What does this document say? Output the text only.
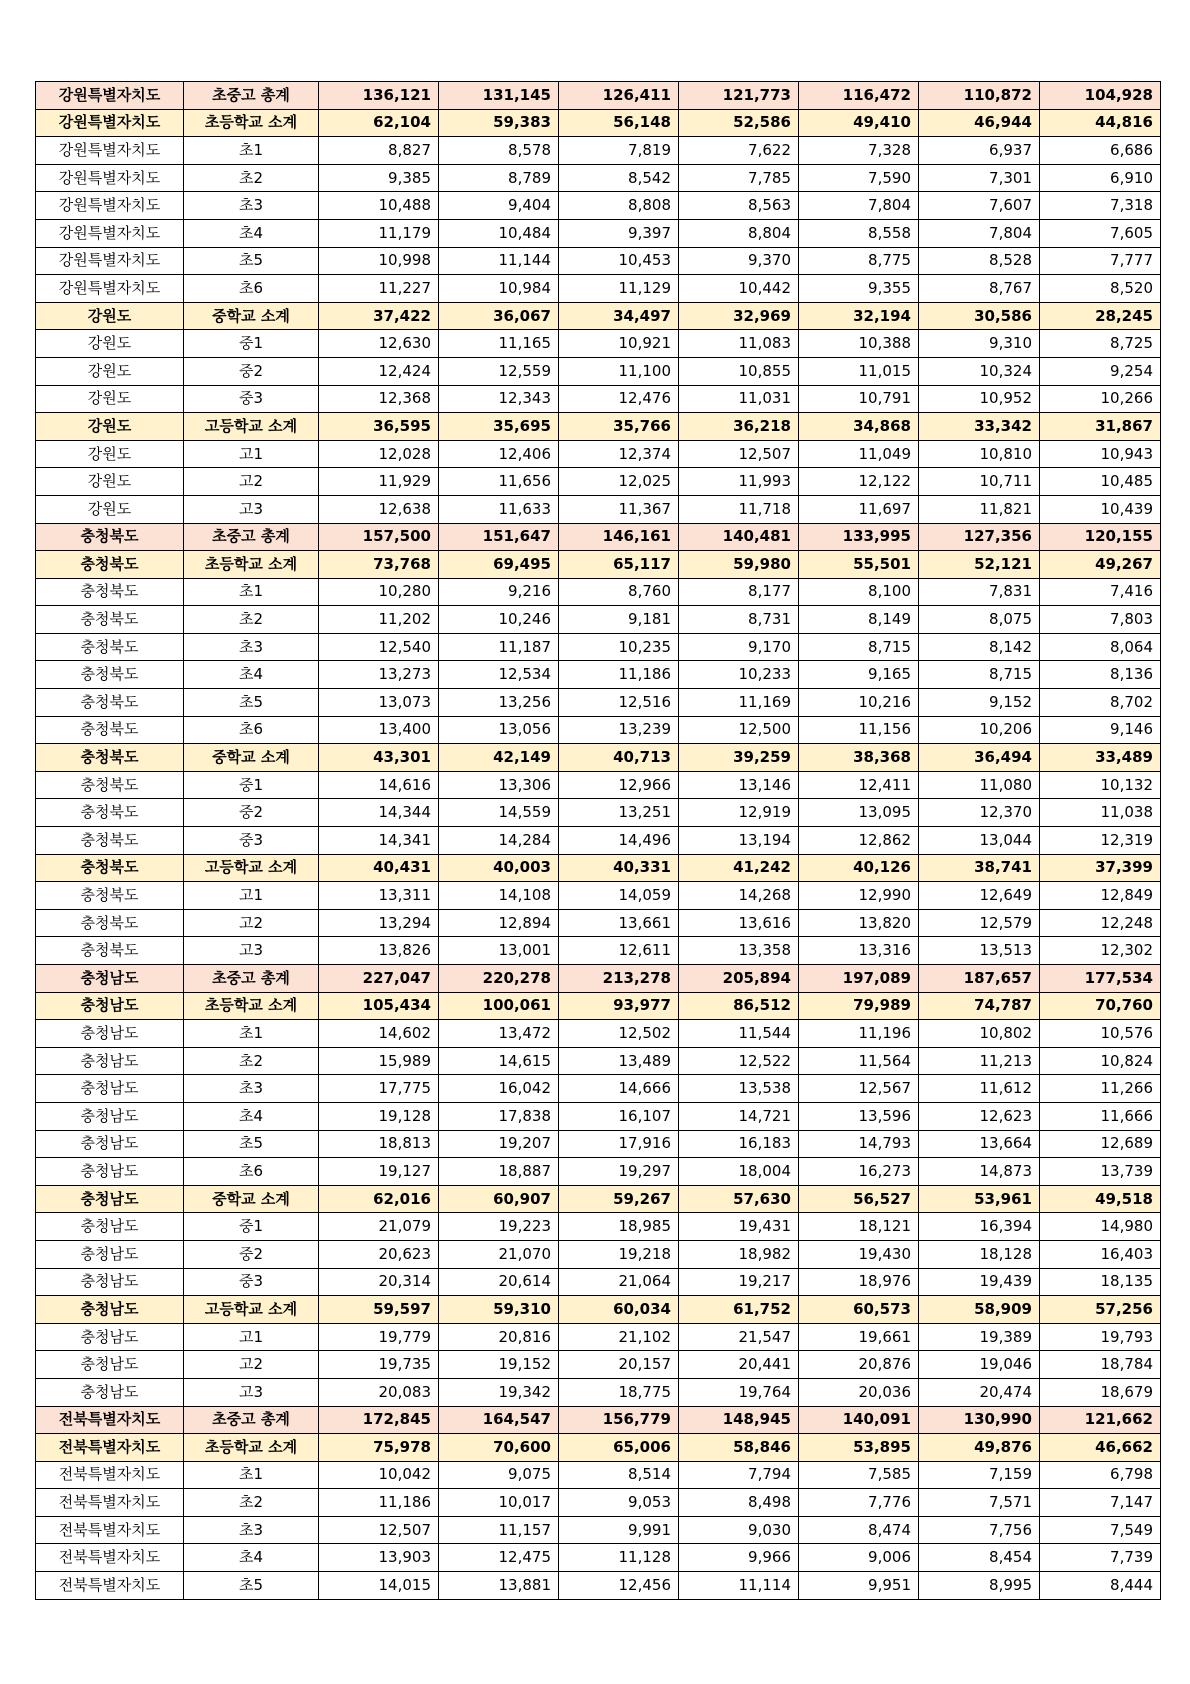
강원특별자치도	초중고 총계	136,121	131,145	126,411	121,773	116,472	110,872	104,928
강원특별자치도	초등학교 소계	62,104	59,383	56,148	52,586	49,410	46,944	44,816
강원특별자치도	초1	8,827	8,578	7,819	7,622	7,328	6,937	6,686
강원특별자치도	초2	9,385	8,789	8,542	7,785	7,590	7,301	6,910
강원특별자치도	초3	10,488	9,404	8,808	8,563	7,804	7,607	7,318
강원특별자치도	초4	11,179	10,484	9,397	8,804	8,558	7,804	7,605
강원특별자치도	초5	10,998	11,144	10,453	9,370	8,775	8,528	7,777
강원특별자치도	초6	11,227	10,984	11,129	10,442	9,355	8,767	8,520
강원도	중학교 소계	37,422	36,067	34,497	32,969	32,194	30,586	28,245
강원도	중1	12,630	11,165	10,921	11,083	10,388	9,310	8,725
강원도	중2	12,424	12,559	11,100	10,855	11,015	10,324	9,254
강원도	중3	12,368	12,343	12,476	11,031	10,791	10,952	10,266
강원도	고등학교 소계	36,595	35,695	35,766	36,218	34,868	33,342	31,867
강원도	고1	12,028	12,406	12,374	12,507	11,049	10,810	10,943
강원도	고2	11,929	11,656	12,025	11,993	12,122	10,711	10,485
강원도	고3	12,638	11,633	11,367	11,718	11,697	11,821	10,439
충청북도	초중고 총계	157,500	151,647	146,161	140,481	133,995	127,356	120,155
충청북도	초등학교 소계	73,768	69,495	65,117	59,980	55,501	52,121	49,267
충청북도	초1	10,280	9,216	8,760	8,177	8,100	7,831	7,416
충청북도	초2	11,202	10,246	9,181	8,731	8,149	8,075	7,803
충청북도	초3	12,540	11,187	10,235	9,170	8,715	8,142	8,064
충청북도	초4	13,273	12,534	11,186	10,233	9,165	8,715	8,136
충청북도	초5	13,073	13,256	12,516	11,169	10,216	9,152	8,702
충청북도	초6	13,400	13,056	13,239	12,500	11,156	10,206	9,146
충청북도	중학교 소계	43,301	42,149	40,713	39,259	38,368	36,494	33,489
충청북도	중1	14,616	13,306	12,966	13,146	12,411	11,080	10,132
충청북도	중2	14,344	14,559	13,251	12,919	13,095	12,370	11,038
충청북도	중3	14,341	14,284	14,496	13,194	12,862	13,044	12,319
충청북도	고등학교 소계	40,431	40,003	40,331	41,242	40,126	38,741	37,399
충청북도	고1	13,311	14,108	14,059	14,268	12,990	12,649	12,849
충청북도	고2	13,294	12,894	13,661	13,616	13,820	12,579	12,248
충청북도	고3	13,826	13,001	12,611	13,358	13,316	13,513	12,302
충청남도	초중고 총계	227,047	220,278	213,278	205,894	197,089	187,657	177,534
충청남도	초등학교 소계	105,434	100,061	93,977	86,512	79,989	74,787	70,760
충청남도	초1	14,602	13,472	12,502	11,544	11,196	10,802	10,576
충청남도	초2	15,989	14,615	13,489	12,522	11,564	11,213	10,824
충청남도	초3	17,775	16,042	14,666	13,538	12,567	11,612	11,266
충청남도	초4	19,128	17,838	16,107	14,721	13,596	12,623	11,666
충청남도	초5	18,813	19,207	17,916	16,183	14,793	13,664	12,689
충청남도	초6	19,127	18,887	19,297	18,004	16,273	14,873	13,739
충청남도	중학교 소계	62,016	60,907	59,267	57,630	56,527	53,961	49,518
충청남도	중1	21,079	19,223	18,985	19,431	18,121	16,394	14,980
충청남도	중2	20,623	21,070	19,218	18,982	19,430	18,128	16,403
충청남도	중3	20,314	20,614	21,064	19,217	18,976	19,439	18,135
충청남도	고등학교 소계	59,597	59,310	60,034	61,752	60,573	58,909	57,256
충청남도	고1	19,779	20,816	21,102	21,547	19,661	19,389	19,793
충청남도	고2	19,735	19,152	20,157	20,441	20,876	19,046	18,784
충청남도	고3	20,083	19,342	18,775	19,764	20,036	20,474	18,679
전북특별자치도	초중고 총계	172,845	164,547	156,779	148,945	140,091	130,990	121,662
전북특별자치도	초등학교 소계	75,978	70,600	65,006	58,846	53,895	49,876	46,662
전북특별자치도	초1	10,042	9,075	8,514	7,794	7,585	7,159	6,798
전북특별자치도	초2	11,186	10,017	9,053	8,498	7,776	7,571	7,147
전북특별자치도	초3	12,507	11,157	9,991	9,030	8,474	7,756	7,549
전북특별자치도	초4	13,903	12,475	11,128	9,966	9,006	8,454	7,739
전북특별자치도	초5	14,015	13,881	12,456	11,114	9,951	8,995	8,444
